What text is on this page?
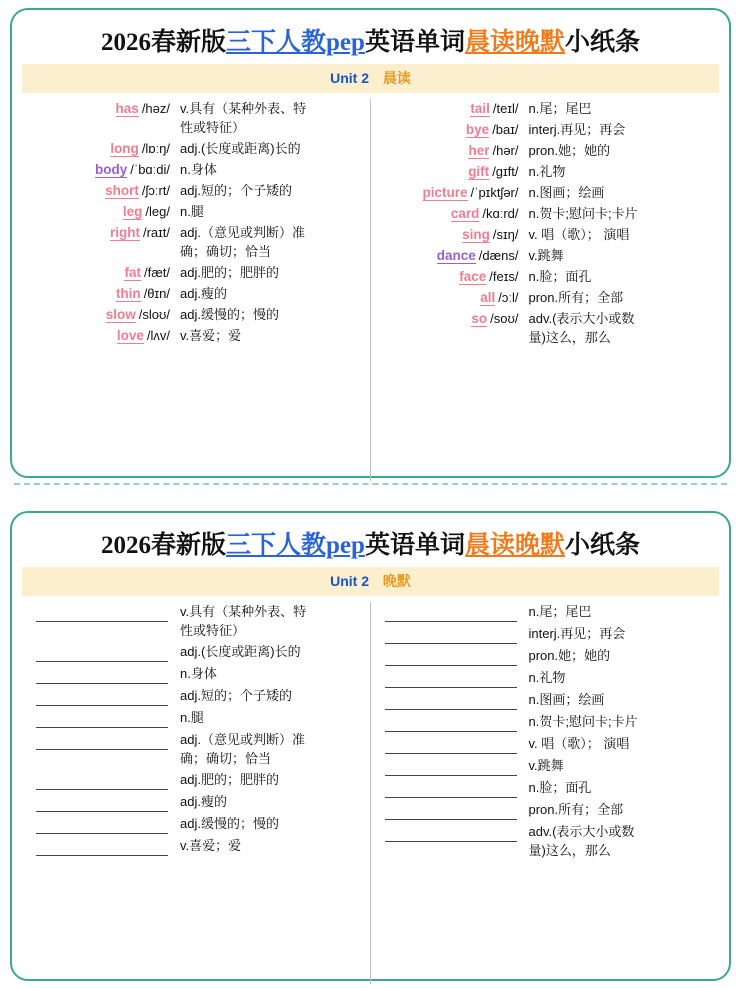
2026春新版三下人教pep英语单词晨读晚默小纸条
Unit 2 晨读
has /həz/ v.具有（某种外表、特
性或特征）
long /lɒːŋ/ adj.(长度或距离)长的
body /ˈbɑːdi/ n.身体
short /ʃɔːrt/ adj.短的；个子矮的
leg /leg/ n.腿
right /raɪt/ adj.（意见或判断）准
确；确切；恰当
fat /fæt/ adj.肥的；肥胖的
thin /θɪn/ adj.瘦的
slow /sloʊ/ adj.缓慢的；慢的
love /lʌv/ v.喜爱；爱
tail /teɪl/ n.尾；尾巴
bye /baɪ/ interj.再见；再会
her /hər/ pron.她；她的
gift /gɪft/ n.礼物
picture /ˈpɪktʃər/ n.图画；绘画
card /kɑːrd/ n.贺卡;慰问卡;卡片
sing /sɪŋ/ v. 唱（歌）； 演唱
dance /dæns/ v.跳舞
face /feɪs/ n.脸；面孔
all /ɔːl/ pron.所有；全部
so /soʊ/ adv.(表示大小或数
量)这么，那么
2026春新版三下人教pep英语单词晨读晚默小纸条
Unit 2 晚默
v.具有（某种外表、特
性或特征）
adj.(长度或距离)长的
n.身体
adj.短的；个子矮的
n.腿
adj.（意见或判断）准
确；确切；恰当
adj.肥的；肥胖的
adj.瘦的
adj.缓慢的；慢的
v.喜爱；爱
n.尾；尾巴
interj.再见；再会
pron.她；她的
n.礼物
n.图画；绘画
n.贺卡;慰问卡;卡片
v. 唱（歌）； 演唱
v.跳舞
n.脸；面孔
pron.所有；全部
adv.(表示大小或数
量)这么，那么
